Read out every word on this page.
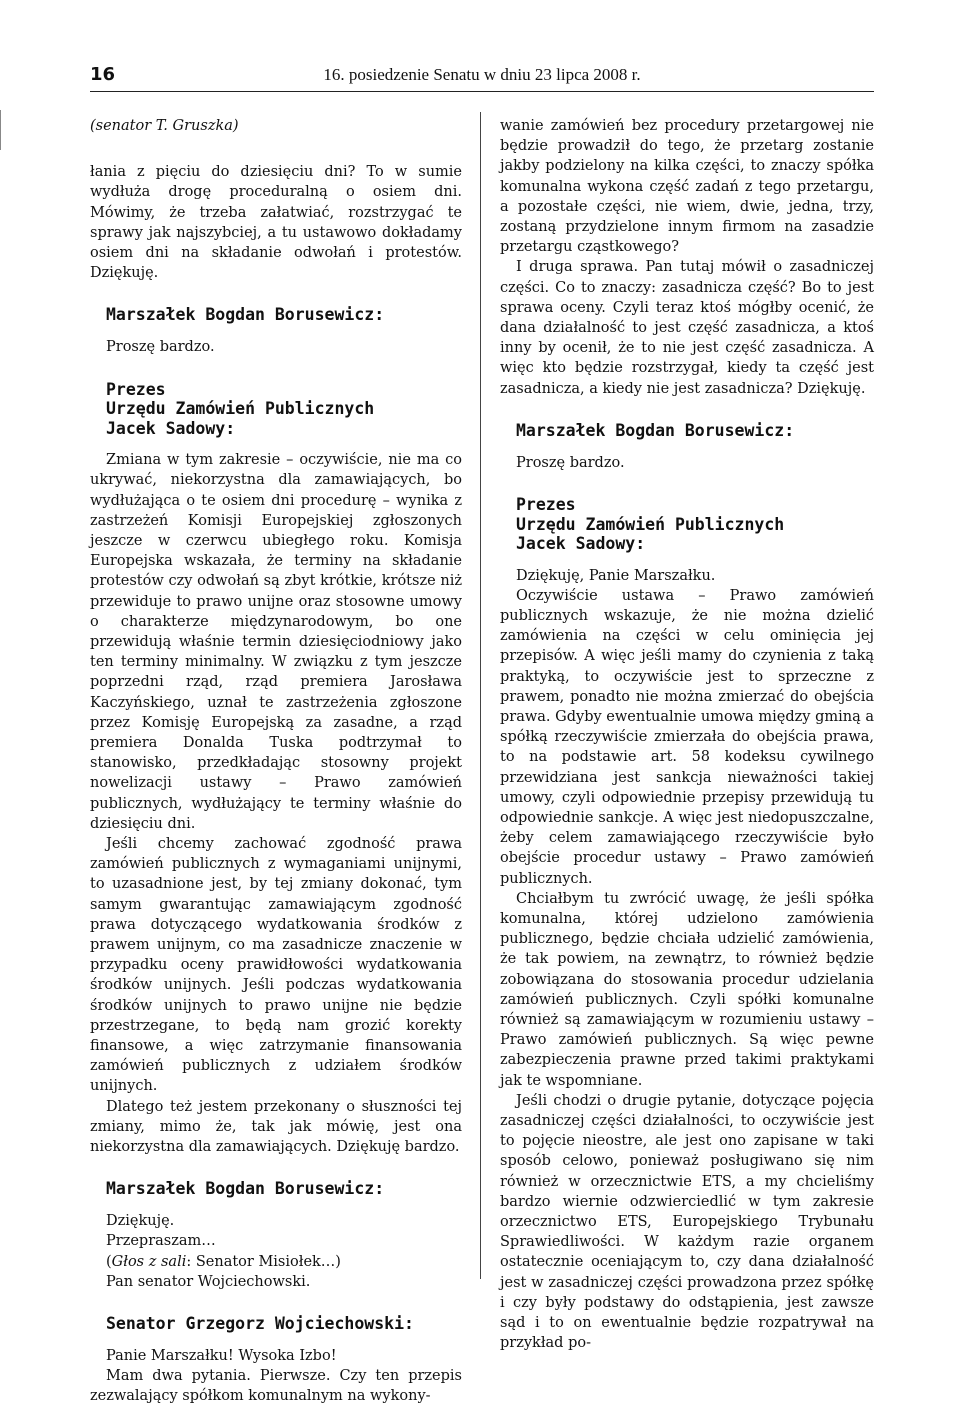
16	16. posiedzenie Senatu w dniu 23 lipca 2008 r.

(senator T. Gruszka)

łania z pięciu do dziesięciu dni? To w sumie wydłuża drogę proceduralną o osiem dni. Mówimy, że trzeba załatwiać, rozstrzygać te sprawy jak najszybciej, a tu ustawowo dokładamy osiem dni na składanie odwołań i protestów. Dziękuję.

Marszałek Bogdan Borusewicz:
Proszę bardzo.
Prezes
Urzędu Zamówień Publicznych
Jacek Sadowy:

Zmiana w tym zakresie – oczywiście, nie ma co ukrywać, niekorzystna dla zamawiających, bo wydłużająca o te osiem dni procedurę – wynika z zastrzeżeń Komisji Europejskiej zgłoszonych jeszcze w czerwcu ubiegłego roku. Komisja Europejska wskazała, że terminy na składanie protestów czy odwołań są zbyt krótkie, krótsze niż przewiduje to prawo unijne oraz stosowne umowy o charakterze międzynarodowym, bo one przewidują właśnie termin dziesięciodniowy jako ten terminy minimalny. W związku z tym jeszcze poprzedni rząd, rząd premiera Jarosława Kaczyńskiego, uznał te zastrzeżenia zgłoszone przez Komisję Europejską za zasadne, a rząd premiera Donalda Tuska podtrzymał to stanowisko, przedkładając stosowny projekt nowelizacji ustawy – Prawo zamówień publicznych, wydłużający te terminy właśnie do dziesięciu dni.

Jeśli chcemy zachować zgodność prawa zamówień publicznych z wymaganiami unijnymi, to uzasadnione jest, by tej zmiany dokonać, tym samym gwarantując zamawiającym zgodność prawa dotyczącego wydatkowania środków z prawem unijnym, co ma zasadnicze znaczenie w przypadku oceny prawidłowości wydatkowania środków unijnych. Jeśli podczas wydatkowania środków unijnych to prawo unijne nie będzie przestrzegane, to będą nam grozić korekty finansowe, a więc zatrzymanie finansowania zamówień publicznych z udziałem środków unijnych.

Dlatego też jestem przekonany o słuszności tej zmiany, mimo że, tak jak mówię, jest ona niekorzystna dla zamawiających. Dziękuję bardzo.

Marszałek Bogdan Borusewicz:
Dziękuję.
Przepraszam…
(Głos z sali: Senator Misiołek…)
Pan senator Wojciechowski.
Senator Grzegorz Wojciechowski:
Panie Marszałku! Wysoka Izbo!

Mam dwa pytania. Pierwsze. Czy ten przepis zezwalający spółkom komunalnym na wykony-

wanie zamówień bez procedury przetargowej nie będzie prowadził do tego, że przetarg zostanie jakby podzielony na kilka części, to znaczy spółka komunalna wykona część zadań z tego przetargu, a pozostałe części, nie wiem, dwie, jedna, trzy, zostaną przydzielone innym firmom na zasadzie przetargu cząstkowego?

I druga sprawa. Pan tutaj mówił o zasadniczej części. Co to znaczy: zasadnicza część? Bo to jest sprawa oceny. Czyli teraz ktoś mógłby ocenić, że dana działalność to jest część zasadnicza, a ktoś inny by ocenił, że to nie jest część zasadnicza. A więc kto będzie rozstrzygał, kiedy ta część jest zasadnicza, a kiedy nie jest zasadnicza? Dziękuję.

Marszałek Bogdan Borusewicz:
Proszę bardzo.
Prezes
Urzędu Zamówień Publicznych
Jacek Sadowy:
Dziękuję, Panie Marszałku.

Oczywiście ustawa – Prawo zamówień publicznych wskazuje, że nie można dzielić zamówienia na części w celu ominięcia jej przepisów. A więc jeśli mamy do czynienia z taką praktyką, to oczywiście jest to sprzeczne z prawem, ponadto nie można zmierzać do obejścia prawa. Gdyby ewentualnie umowa między gminą a spółką rzeczywiście zmierzała do obejścia prawa, to na podstawie art. 58 kodeksu cywilnego przewidziana jest sankcja nieważności takiej umowy, czyli odpowiednie przepisy przewidują tu odpowiednie sankcje. A więc jest niedopuszczalne, żeby celem zamawiającego rzeczywiście było obejście procedur ustawy – Prawo zamówień publicznych.

Chciałbym tu zwrócić uwagę, że jeśli spółka komunalna, której udzielono zamówienia publicznego, będzie chciała udzielić zamówienia, że tak powiem, na zewnątrz, to również będzie zobowiązana do stosowania procedur udzielania zamówień publicznych. Czyli spółki komunalne również są zamawiającym w rozumieniu ustawy – Prawo zamówień publicznych. Są więc pewne zabezpieczenia prawne przed takimi praktykami jak te wspomniane.

Jeśli chodzi o drugie pytanie, dotyczące pojęcia zasadniczej części działalności, to oczywiście jest to pojęcie nieostre, ale jest ono zapisane w taki sposób celowo, ponieważ posługiwano się nim również w orzecznictwie ETS, a my chcieliśmy bardzo wiernie odzwierciedlić w tym zakresie orzecznictwo ETS, Europejskiego Trybunału Sprawiedliwości. W każdym razie organem ostatecznie oceniającym to, czy dana działalność jest w zasadniczej części prowadzona przez spółkę i czy były podstawy do odstąpienia, jest zawsze sąd i to on ewentualnie będzie rozpatrywał na przykład po-
